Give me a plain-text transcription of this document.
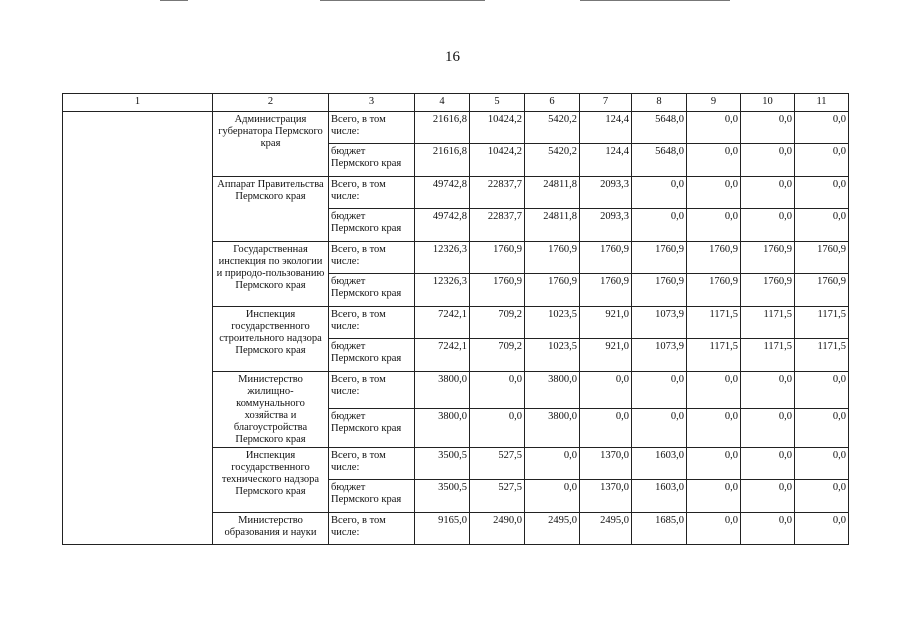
16
1	2	3	4	5	6	7	8	9	10	11
	Администрация губернатора Пермского края	Всего, в том числе:	21616,8	10424,2	5420,2	124,4	5648,0	0,0	0,0	0,0
		бюджет Пермского края	21616,8	10424,2	5420,2	124,4	5648,0	0,0	0,0	0,0
	Аппарат Правительства Пермского края	Всего, в том числе:	49742,8	22837,7	24811,8	2093,3	0,0	0,0	0,0	0,0
		бюджет Пермского края	49742,8	22837,7	24811,8	2093,3	0,0	0,0	0,0	0,0
	Государственная инспекция по экологии и природо-пользованию Пермского края	Всего, в том числе:	12326,3	1760,9	1760,9	1760,9	1760,9	1760,9	1760,9	1760,9
		бюджет Пермского края	12326,3	1760,9	1760,9	1760,9	1760,9	1760,9	1760,9	1760,9
	Инспекция государственного строительного надзора Пермского края	Всего, в том числе:	7242,1	709,2	1023,5	921,0	1073,9	1171,5	1171,5	1171,5
		бюджет Пермского края	7242,1	709,2	1023,5	921,0	1073,9	1171,5	1171,5	1171,5
	Министерство жилищно-коммунального хозяйства и благоустройства Пермского края	Всего, в том числе:	3800,0	0,0	3800,0	0,0	0,0	0,0	0,0	0,0
		бюджет Пермского края	3800,0	0,0	3800,0	0,0	0,0	0,0	0,0	0,0
	Инспекция государственного технического надзора Пермского края	Всего, в том числе:	3500,5	527,5	0,0	1370,0	1603,0	0,0	0,0	0,0
		бюджет Пермского края	3500,5	527,5	0,0	1370,0	1603,0	0,0	0,0	0,0
	Министерство образования и науки	Всего, в том числе:	9165,0	2490,0	2495,0	2495,0	1685,0	0,0	0,0	0,0
